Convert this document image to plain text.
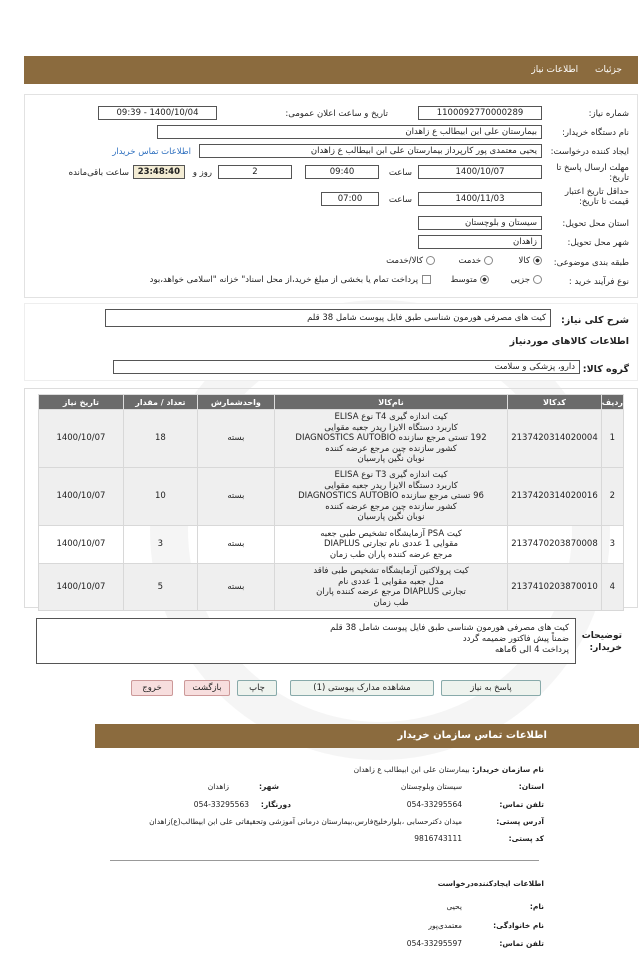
جزئیات اطلاعات نیاز
شماره نیاز:
1100092770000289
تاریخ و ساعت اعلان عمومی:
1400/10/04 - 09:39
نام دستگاه خریدار:
بیمارستان علی ابن ابیطالب ع زاهدان
ایجاد کننده درخواست:
یحیی معتمدی پور کارپرداز بیمارستان علی ابن ابیطالب ع زاهدان
اطلاعات تماس خریدار
مهلت ارسال پاسخ تا تاریخ:
1400/10/07
ساعت
09:40
2
روز و
23:48:40
ساعت باقی‌مانده
حداقل تاریخ اعتبار قیمت تا تاریخ:
1400/11/03
ساعت
07:00
استان محل تحویل:
سیستان و بلوچستان
شهر محل تحویل:
زاهدان
طبقه بندی موضوعی:
کالا  خدمت  کالا/خدمت
نوع فرآیند خرید :
جزیی  متوسط  پرداخت تمام یا بخشی از مبلغ خرید،از محل اسناد" خزانه "اسلامی خواهد،بود
شرح کلی نیاز:
کیت های مصرفی هورمون شناسی طبق فایل پیوست شامل 38 قلم
اطلاعات کالاهای موردنیاز
گروه کالا:
دارو، پزشکی و سلامت
ردیف	کدکالا	نام‌کالا	واحدشمارش	تعداد / مقدار	تاریخ نیاز
1	2137420314020004	کیت اندازه گیری T4 نوع ELISA
کاربرد دستگاه الایزا ریدر جعبه مقوایی
192 تستی مرجع سازنده DIAGNOSTICS AUTOBIO
کشور سازنده چین مرجع عرضه کننده
نوبان نگین پارسیان	بسته	18	1400/10/07
2	2137420314020016	کیت اندازه گیری T3 نوع ELISA
کاربرد دستگاه الایزا ریدر جعبه مقوایی
96 تستی مرجع سازنده DIAGNOSTICS AUTOBIO
کشور سازنده چین مرجع عرضه کننده
نوبان نگین پارسیان	بسته	10	1400/10/07
3	2137470203870008	کیت PSA آزمایشگاه تشخیص طبی جعبه
مقوایی 1 عددی نام تجارتی DIAPLUS
مرجع عرضه کننده پاران طب زمان	بسته	3	1400/10/07
4	2137410203870010	کیت پرولاکتین آزمایشگاه تشخیص طبی فاقد
مدل جعبه مقوایی 1 عددی نام
تجارتی DIAPLUS مرجع عرضه کننده پاران
طب زمان	بسته	5	1400/10/07
توضیحات خریدار:
کیت های مصرفی هورمون شناسی طبق فایل پیوست شامل 38 قلم
ضمناً پیش فاکتور ضمیمه گردد
پرداخت 4 الی 6ماهه
پاسخ به نیاز
مشاهده مدارک پیوستی (1)
چاپ
بازگشت
خروج
اطلاعات تماس سازمان خریدار
نام سازمان خریدار: بیمارستان علی ابن ابیطالب ع زاهدان
استان:
سیستان وبلوچستان
شهر:
زاهدان
تلفن تماس:
054-33295564
دورنگار:
054-33295563
آدرس پستی:
میدان دکترحسابی ،بلوارخلیج‌فارس،بیمارستان درمانی آموزشی وتحقیقاتی علی ابن ابیطالب(ع)زاهدان
کد پستی:
9816743111
اطلاعات ایجادکننده‌درخواست
نام:
یحیی
نام خانوادگی:
معتمدی‌پور
تلفن تماس:
054-33295597
